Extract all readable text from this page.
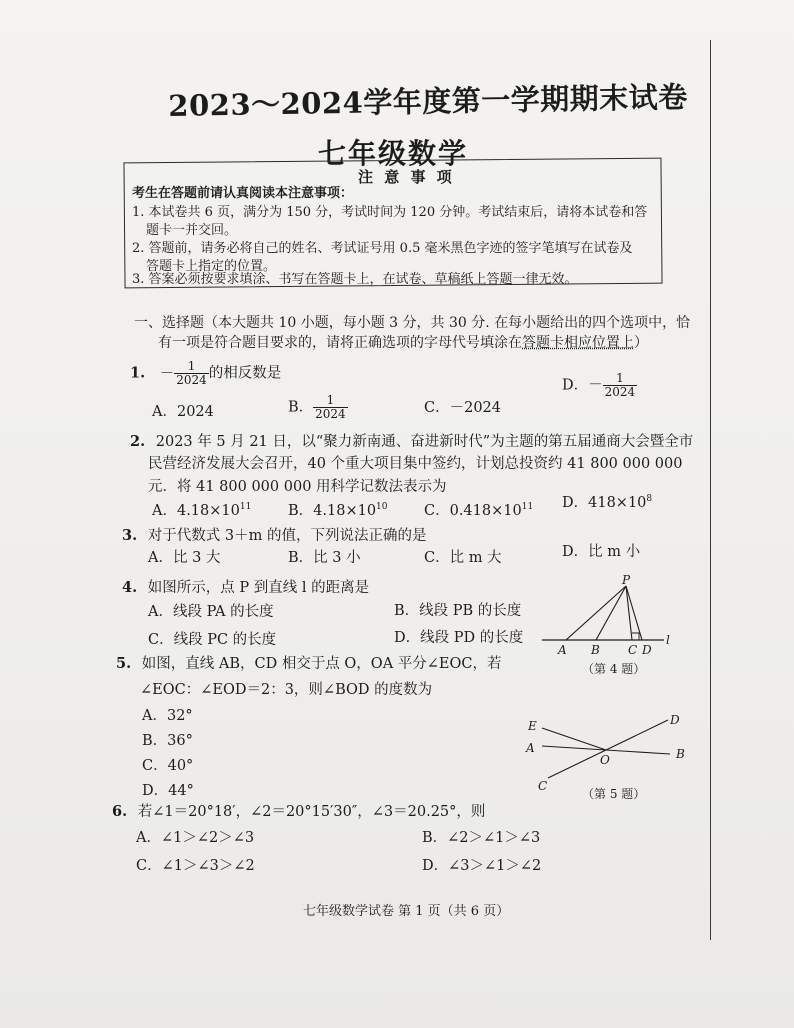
2023～2024学年度第一学期期末试卷
七年级数学
注 意 事 项
考生在答题前请认真阅读本注意事项：
1. 本试卷共 6 页，满分为 150 分，考试时间为 120 分钟。考试结束后，请将本试卷和答
题卡一并交回。
2. 答题前，请务必将自己的姓名、考试证号用 0.5 毫米黑色字迹的签字笔填写在试卷及
答题卡上指定的位置。
3. 答案必须按要求填涂、书写在答题卡上，在试卷、草稿纸上答题一律无效。
一、选择题（本大题共 10 小题，每小题 3 分，共 30 分. 在每小题给出的四个选项中，恰
有一项是符合题目要求的，请将正确选项的字母代号填涂在答题卡相应位置上）
1. － $\frac{1}{2024}$ 的相反数是
A．2024	B． $\frac{1}{2024}$	C．－2024
D．－ $\frac{1}{2024}$
2. 2023 年 5 月 21 日，以“聚力新南通、奋进新时代”为主题的第五届通商大会暨全市
民营经济发展大会召开，40 个重大项目集中签约，计划总投资约 41 800 000 000
元．将 41 800 000 000 用科学记数法表示为
A．$4.18\times 10^{11}$	B．$4.18\times 10^{10}$	C．$0.418\times 10^{11}$ D．$418\times 10^8$
3. 对于代数式 3＋m 的值，下列说法正确的是
A．比 3 大	B．比 3 小	C．比 m 大	D．比 m 小
4. 如图所示，点 P 到直线 l 的距离是
A．线段 PA 的长度	B．线段 PB 的长度
C．线段 PC 的长度	D．线段 PD 的长度
P
A B C D
l
（第 4 题）
5. 如图，直线 AB，CD 相交于点 O，OA 平分∠EOC，若
∠EOC：∠EOD＝2：3，则∠BOD 的度数为
A．32°
B．36°
C．40°
D．44°
E	D
A	B
O
C
（第 5 题）
6. 若∠1＝20°18′，∠2＝20°15′30″，∠3＝20.25°，则
A．∠1＞∠2＞∠3	B．∠2＞∠1＞∠3
C．∠1＞∠3＞∠2	D．∠3＞∠1＞∠2
七年级数学试卷 第 1 页（共 6 页）
